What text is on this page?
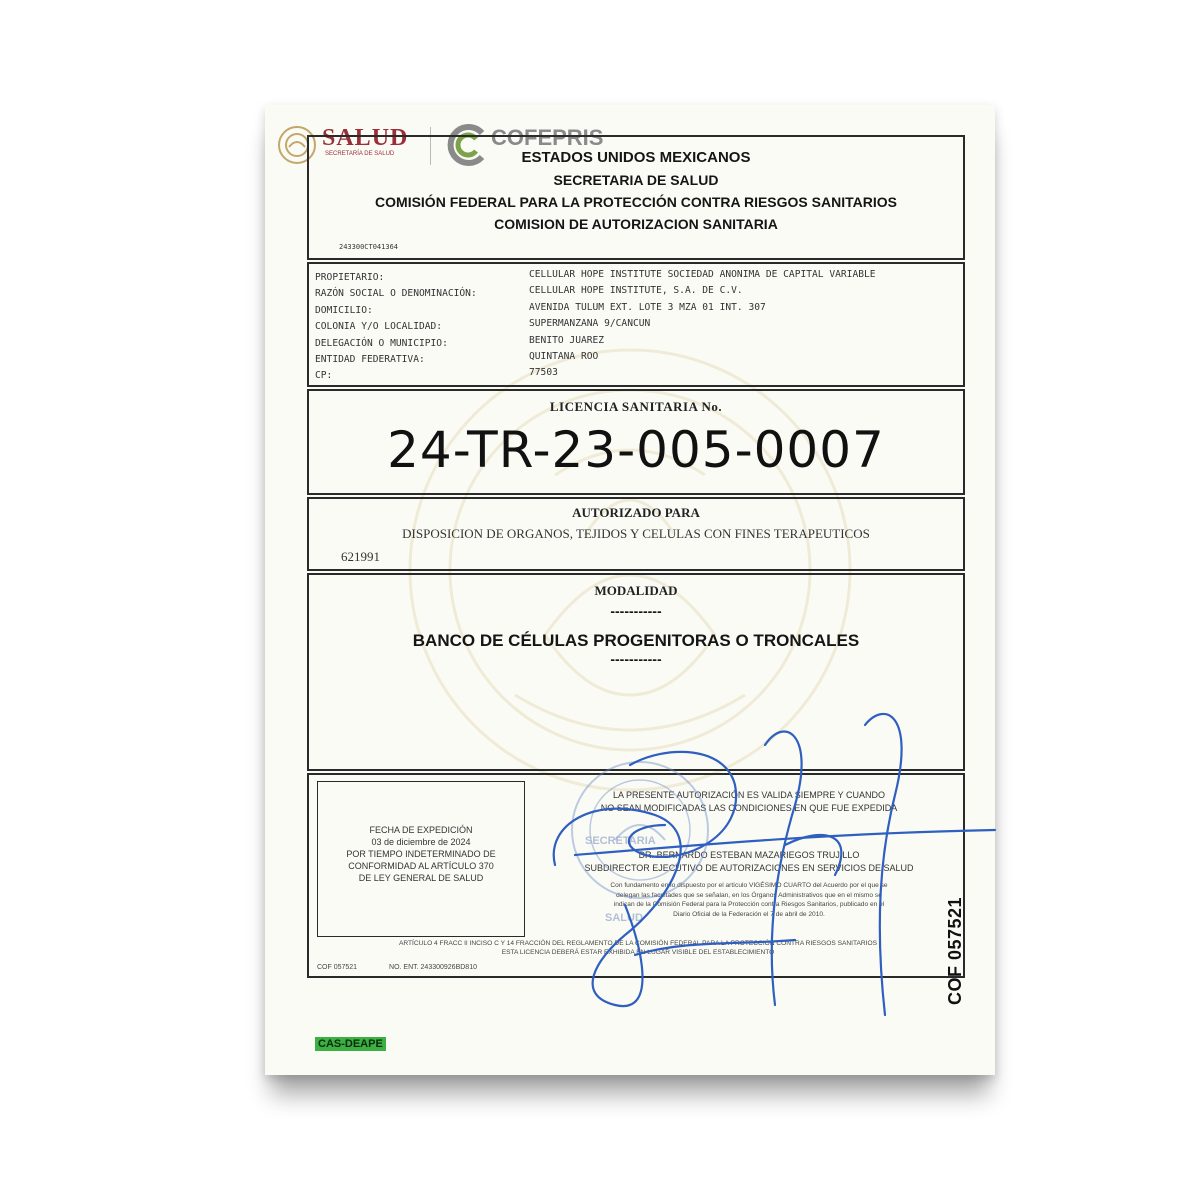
SALUD
SECRETARÍA DE SALUD
COFEPRIS
ESTADOS UNIDOS MEXICANOS
SECRETARIA DE SALUD
COMISIÓN FEDERAL PARA LA PROTECCIÓN CONTRA RIESGOS SANITARIOS
COMISION DE AUTORIZACION SANITARIA
243300CT041364
PROPIETARIO:
RAZÓN SOCIAL O DENOMINACIÓN:
DOMICILIO:
COLONIA Y/O LOCALIDAD:
DELEGACIÓN O MUNICIPIO:
ENTIDAD FEDERATIVA:
CP:
CELLULAR HOPE INSTITUTE SOCIEDAD ANONIMA DE CAPITAL VARIABLE
CELLULAR HOPE INSTITUTE, S.A. DE C.V.
AVENIDA TULUM EXT. LOTE 3 MZA 01 INT. 307
SUPERMANZANA 9/CANCUN
BENITO JUAREZ
QUINTANA ROO
77503
LICENCIA SANITARIA No.
24-TR-23-005-0007
AUTORIZADO PARA
DISPOSICION DE ORGANOS, TEJIDOS Y CELULAS CON FINES TERAPEUTICOS
621991
MODALIDAD
-----------
BANCO DE CÉLULAS PROGENITORAS O TRONCALES
-----------
FECHA DE EXPEDICIÓN
03 de diciembre de 2024
POR TIEMPO INDETERMINADO DE
CONFORMIDAD AL ARTÍCULO 370
DE LEY GENERAL DE SALUD
LA PRESENTE AUTORIZACIÓN ES VALIDA SIEMPRE Y CUANDO
NO SEAN MODIFICADAS LAS CONDICIONES EN QUE FUE EXPEDIDA
DR. BERNARDO ESTEBAN MAZARIEGOS TRUJILLO
SUBDIRECTOR EJECUTIVO DE AUTORIZACIONES EN SERVICIOS DE SALUD
Con fundamento en lo dispuesto por el artículo VIGÉSIMO CUARTO del Acuerdo por el que se
delegan las facultades que se señalan, en los Órganos Administrativos que en el mismo se
indican de la Comisión Federal para la Protección contra Riesgos Sanitarios, publicado en el
Diario Oficial de la Federación el 7 de abril de 2010.
ARTÍCULO 4 FRACC II INCISO C Y 14 FRACCIÓN DEL REGLAMENTO DE LA COMISIÓN FEDERAL PARA LA PROTECCIÓN CONTRA RIESGOS SANITARIOS
ESTA LICENCIA DEBERÁ ESTAR EXHIBIDA EN LUGAR VISIBLE DEL ESTABLECIMIENTO
COF 057521	NO. ENT. 243300926BD810
SECRETARIA
SALUD	COF 057521
CAS-DEAPE
